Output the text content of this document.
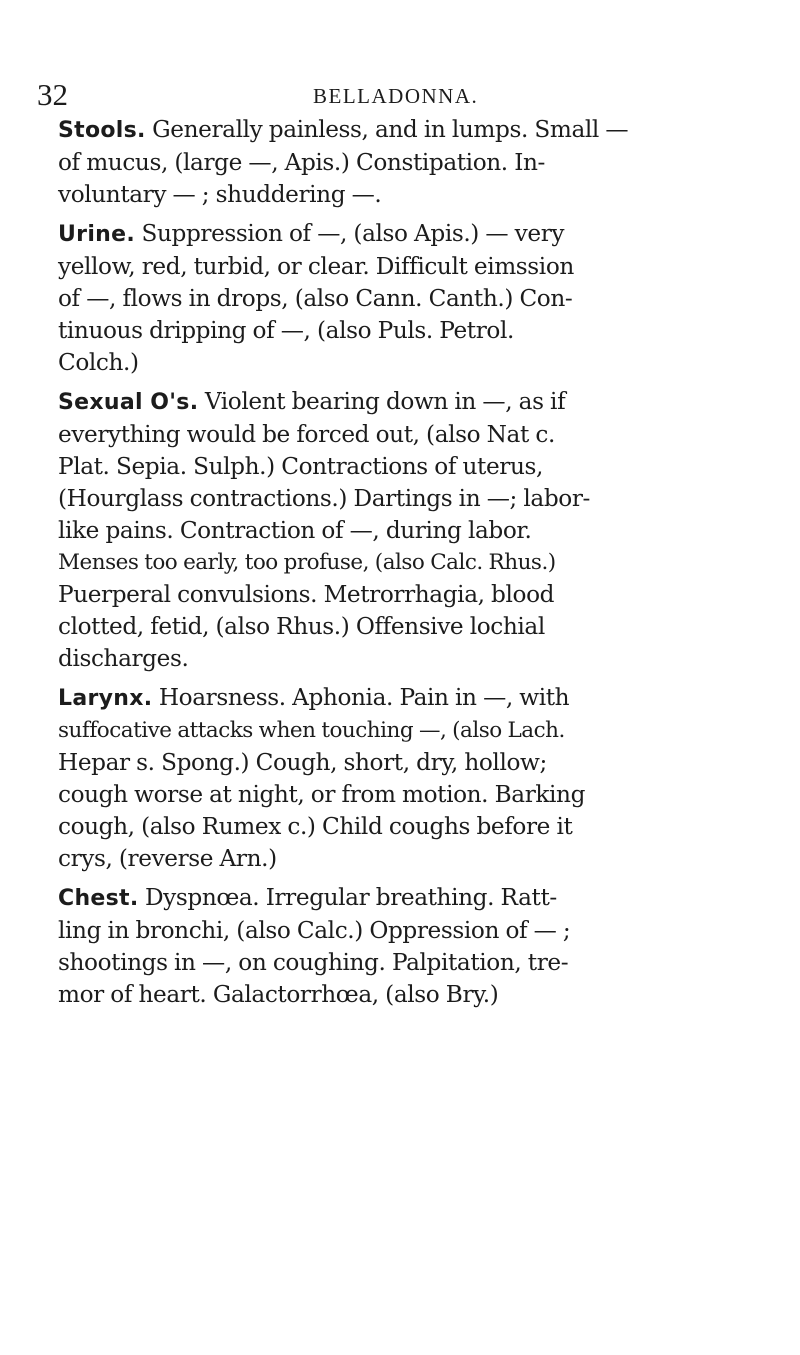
32	BELLADONNA.

Stools. Generally painless, and in lumps. Small —
of mucus, (large —, Apis.) Constipation. In-
voluntary — ; shuddering —.

Urine. Suppression of —, (also Apis.) — very
yellow, red, turbid, or clear. Difficult eimssion
of —, flows in drops, (also Cann. Canth.) Con-
tinuous dripping of —, (also Puls. Petrol.
Colch.)

Sexual O's. Violent bearing down in —, as if
everything would be forced out, (also Nat c.
Plat. Sepia. Sulph.) Contractions of uterus,
(Hourglass contractions.) Dartings in —; labor-
like pains. Contraction of —, during labor.
Menses too early, too profuse, (also Calc. Rhus.)
Puerperal convulsions. Metrorrhagia, blood
clotted, fetid, (also Rhus.) Offensive lochial
discharges.

Larynx. Hoarsness. Aphonia. Pain in —, with
suffocative attacks when touching —, (also Lach.
Hepar s. Spong.) Cough, short, dry, hollow;
cough worse at night, or from motion. Barking
cough, (also Rumex c.) Child coughs before it
crys, (reverse Arn.)

Chest. Dyspnœa. Irregular breathing. Ratt-
ling in bronchi, (also Calc.) Oppression of — ;
shootings in —, on coughing. Palpitation, tre-
mor of heart. Galactorrhœa, (also Bry.)
